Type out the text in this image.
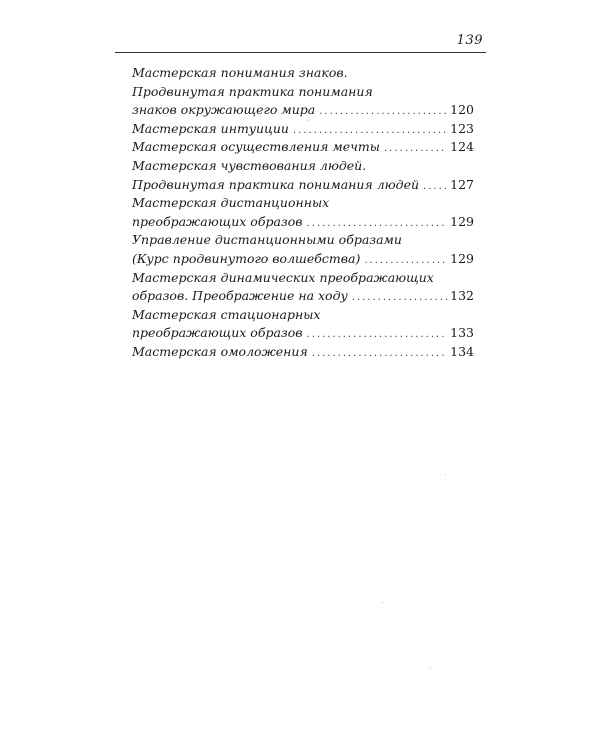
139
Мастерская понимания знаков.
Продвинутая практика понимания
знаков окружающего мира .....	120
Мастерская интуиции .....	123
Мастерская осуществления мечты .....	124
Мастерская чувствования людей.
Продвинутая практика понимания людей ..... 127
Мастерская дистанционных
преображающих образов .....	129
Управление дистанционными образами
(Курс продвинутого волшебства) .....	129
Мастерская динамических преображающих
образов. Преображение на ходу .....	132
Мастерская стационарных
преображающих образов .....	133
Мастерская омоложения .....	134
